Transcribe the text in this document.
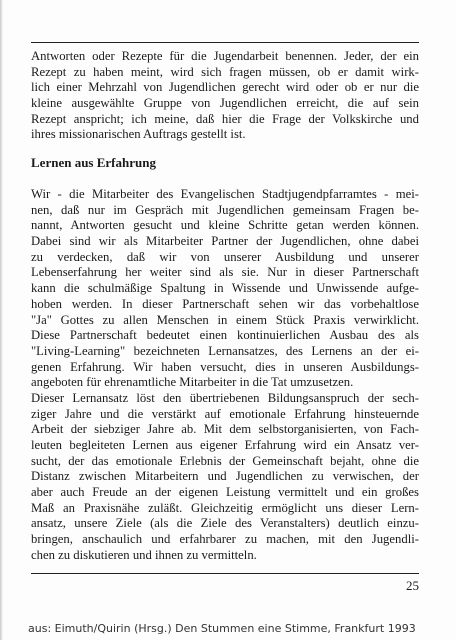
Antworten oder Rezepte für die Jugendarbeit benennen. Jeder, der ein
Rezept zu haben meint, wird sich fragen müssen, ob er damit wirk-
lich einer Mehrzahl von Jugendlichen gerecht wird oder ob er nur die
kleine ausgewählte Gruppe von Jugendlichen erreicht, die auf sein
Rezept anspricht; ich meine, daß hier die Frage der Volkskirche und
ihres missionarischen Auftrags gestellt ist.
Lernen aus Erfahrung
Wir - die Mitarbeiter des Evangelischen Stadtjugendpfarramtes - mei-
nen, daß nur im Gespräch mit Jugendlichen gemeinsam Fragen be-
nannt, Antworten gesucht und kleine Schritte getan werden können.
Dabei sind wir als Mitarbeiter Partner der Jugendlichen, ohne dabei
zu verdecken, daß wir von unserer Ausbildung und unserer
Lebenserfahrung her weiter sind als sie. Nur in dieser Partnerschaft
kann die schulmäßige Spaltung in Wissende und Unwissende aufge-
hoben werden. In dieser Partnerschaft sehen wir das vorbehaltlose
"Ja" Gottes zu allen Menschen in einem Stück Praxis verwirklicht.
Diese Partnerschaft bedeutet einen kontinuierlichen Ausbau des als
"Living-Learning" bezeichneten Lernansatzes, des Lernens an der ei-
genen Erfahrung. Wir haben versucht, dies in unseren Ausbildungs-
angeboten für ehrenamtliche Mitarbeiter in die Tat umzusetzen.
Dieser Lernansatz löst den übertriebenen Bildungsanspruch der sech-
ziger Jahre und die verstärkt auf emotionale Erfahrung hinsteuernde
Arbeit der siebziger Jahre ab. Mit dem selbstorganisierten, von Fach-
leuten begleiteten Lernen aus eigener Erfahrung wird ein Ansatz ver-
sucht, der das emotionale Erlebnis der Gemeinschaft bejaht, ohne die
Distanz zwischen Mitarbeitern und Jugendlichen zu verwischen, der
aber auch Freude an der eigenen Leistung vermittelt und ein großes
Maß an Praxisnähe zuläßt. Gleichzeitig ermöglicht uns dieser Lern-
ansatz, unsere Ziele (als die Ziele des Veranstalters) deutlich einzu-
bringen, anschaulich und erfahrbarer zu machen, mit den Jugendli-
chen zu diskutieren und ihnen zu vermitteln.
25
aus: Eimuth/Quirin (Hrsg.) Den Stummen eine Stimme, Frankfurt 1993
